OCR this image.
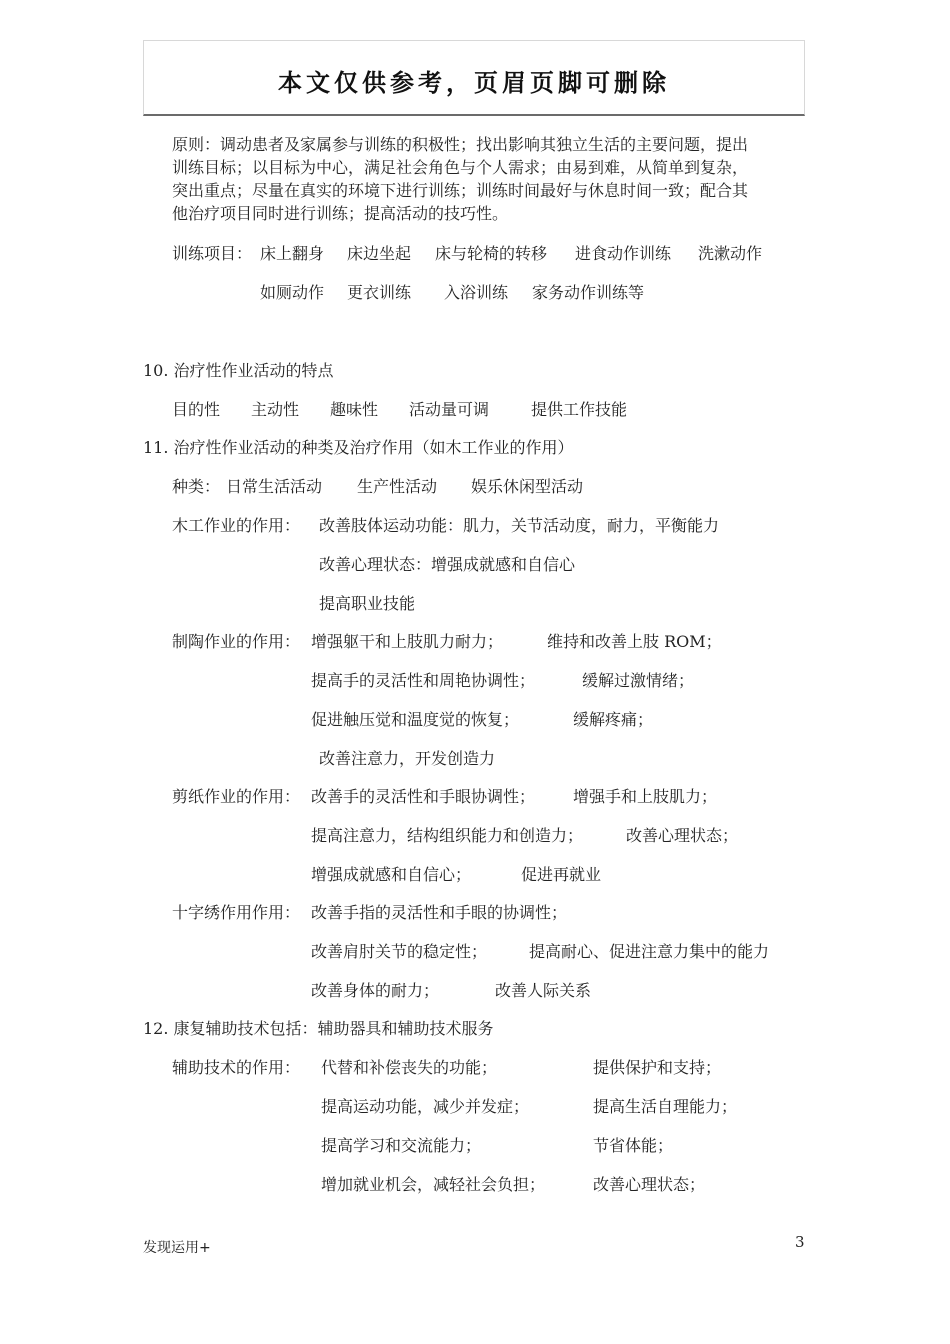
本文仅供参考，页眉页脚可删除
原则：调动患者及家属参与训练的积极性；找出影响其独立生活的主要问题，提出
训练目标；以目标为中心，满足社会角色与个人需求；由易到难，从简单到复杂，
突出重点；尽量在真实的环境下进行训练；训练时间最好与休息时间一致；配合其
他治疗项目同时进行训练；提高活动的技巧性。
训练项目： 床上翻身 床边坐起 床与轮椅的转移 进食动作训练 洗漱动作
如厕动作 更衣训练 入浴训练 家务动作训练等
10. 治疗性作业活动的特点
目的性 主动性 趣味性 活动量可调	提供工作技能
11. 治疗性作业活动的种类及治疗作用（如木工作业的作用）
种类： 日常生活活动 生产性活动 娱乐休闲型活动
木工作业的作用： 改善肢体运动功能：肌力，关节活动度，耐力，平衡能力
改善心理状态：增强成就感和自信心
提高职业技能
制陶作业的作用： 增强躯干和上肢肌力耐力；	维持和改善上肢 ROM；
提高手的灵活性和周艳协调性；	缓解过激情绪；
促进触压觉和温度觉的恢复；	缓解疼痛；
改善注意力，开发创造力
剪纸作业的作用： 改善手的灵活性和手眼协调性； 增强手和上肢肌力；
提高注意力，结构组织能力和创造力；	改善心理状态；
增强成就感和自信心；	促进再就业
十字绣作用作用： 改善手指的灵活性和手眼的协调性；
改善肩肘关节的稳定性；	提高耐心、促进注意力集中的能力
改善身体的耐力；	改善人际关系
12. 康复辅助技术包括：辅助器具和辅助技术服务
辅助技术的作用： 代替和补偿丧失的功能；	提供保护和支持；
提高运动功能，减少并发症；	提高生活自理能力；
提高学习和交流能力；	节省体能；
增加就业机会，减轻社会负担；	改善心理状态；
发现运用+	3
